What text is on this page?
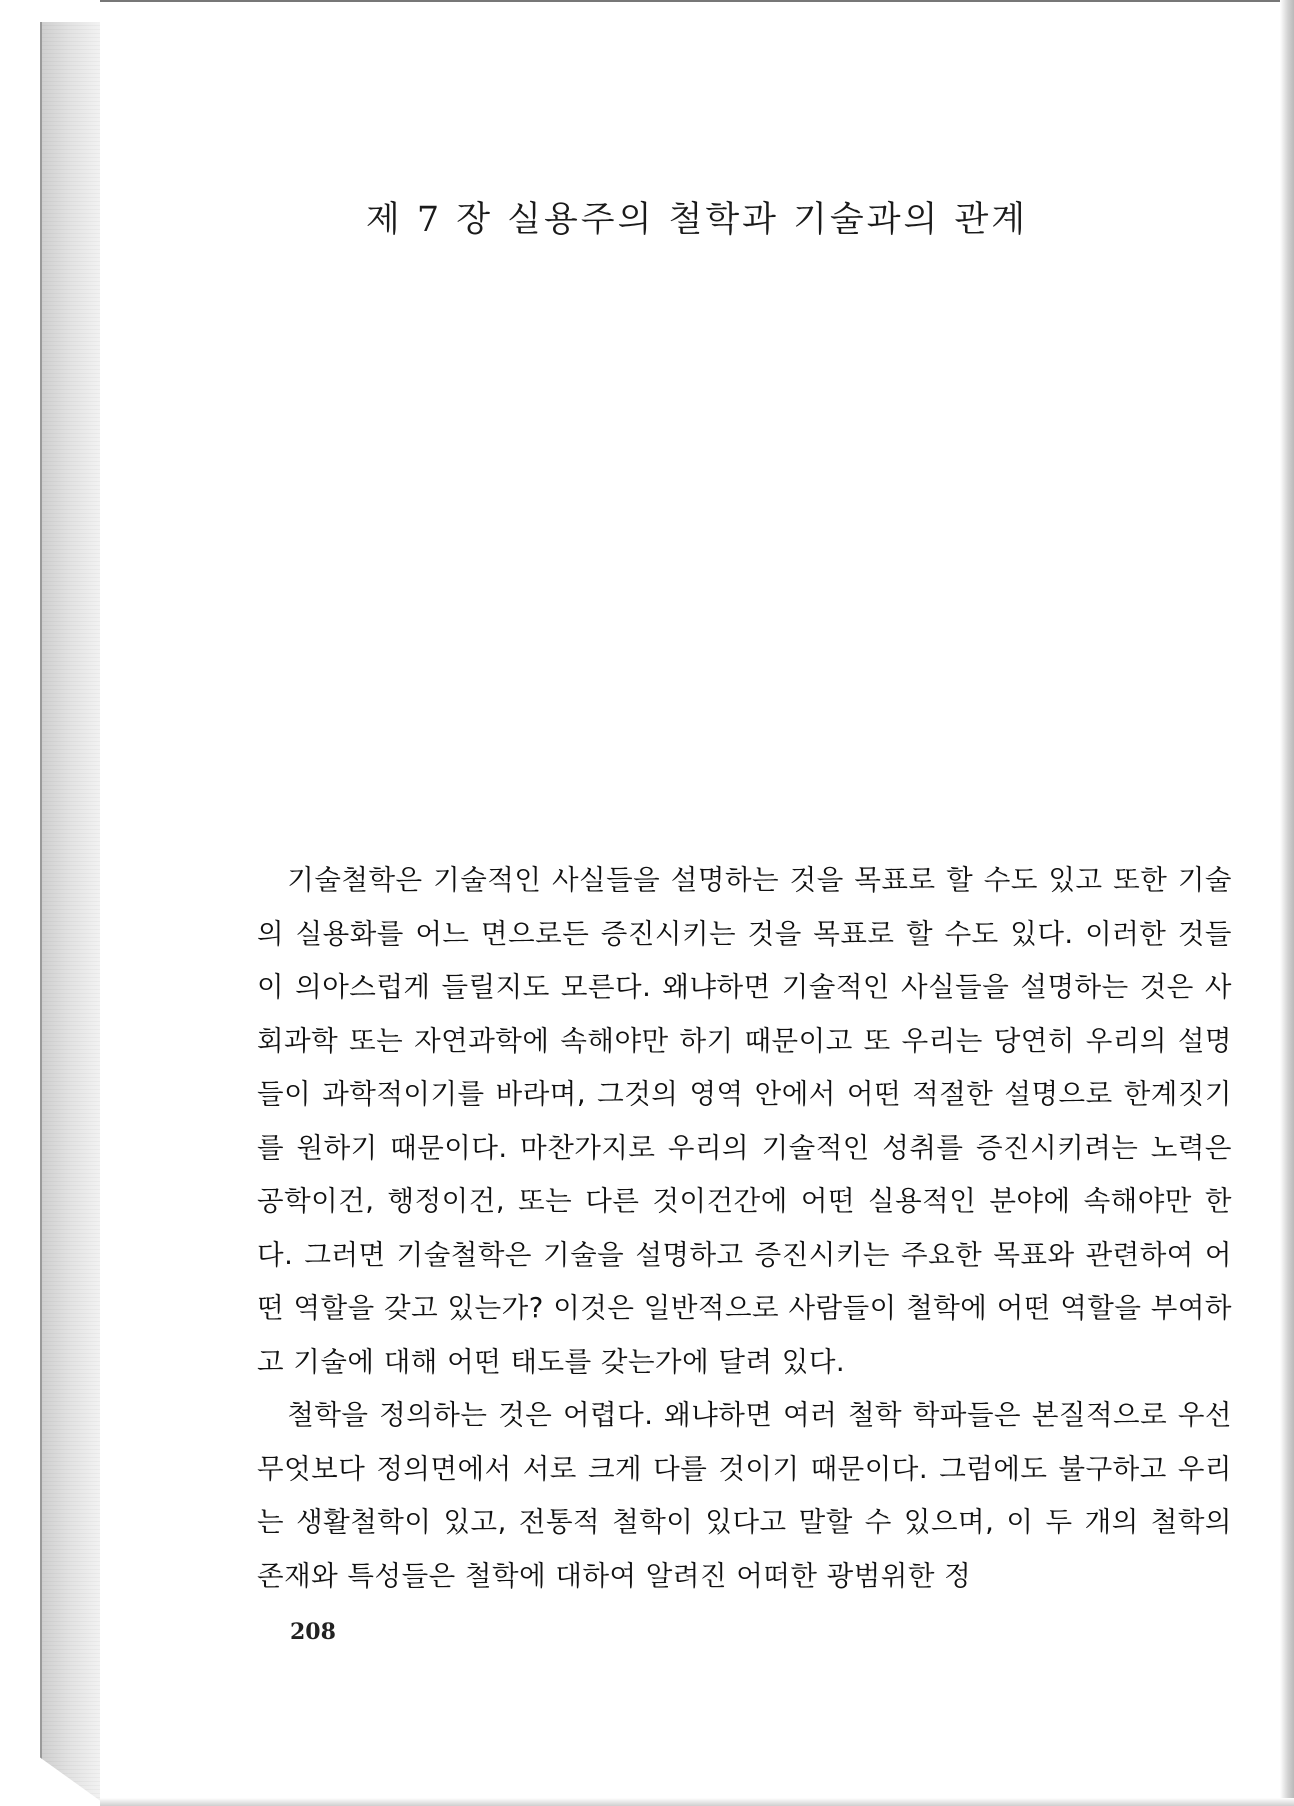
제 7 장 실용주의 철학과 기술과의 관계

기술철학은 기술적인 사실들을 설명하는 것을 목표로 할 수도 있고 또한 기술의 실용화를 어느 면으로든 증진시키는 것을 목표로 할 수도 있다. 이러한 것들이 의아스럽게 들릴지도 모른다. 왜냐하면 기술적인 사실들을 설명하는 것은 사회과학 또는 자연과학에 속해야만 하기 때문이고 또 우리는 당연히 우리의 설명들이 과학적이기를 바라며, 그것의 영역 안에서 어떤 적절한 설명으로 한계짓기를 원하기 때문이다. 마찬가지로 우리의 기술적인 성취를 증진시키려는 노력은 공학이건, 행정이건, 또는 다른 것이건간에 어떤 실용적인 분야에 속해야만 한다. 그러면 기술철학은 기술을 설명하고 증진시키는 주요한 목표와 관련하여 어떤 역할을 갖고 있는가? 이것은 일반적으로 사람들이 철학에 어떤 역할을 부여하고 기술에 대해 어떤 태도를 갖는가에 달려 있다.

철학을 정의하는 것은 어렵다. 왜냐하면 여러 철학 학파들은 본질적으로 우선 무엇보다 정의면에서 서로 크게 다를 것이기 때문이다. 그럼에도 불구하고 우리는 생활철학이 있고, 전통적 철학이 있다고 말할 수 있으며, 이 두 개의 철학의 존재와 특성들은 철학에 대하여 알려진 어떠한 광범위한 정

208
